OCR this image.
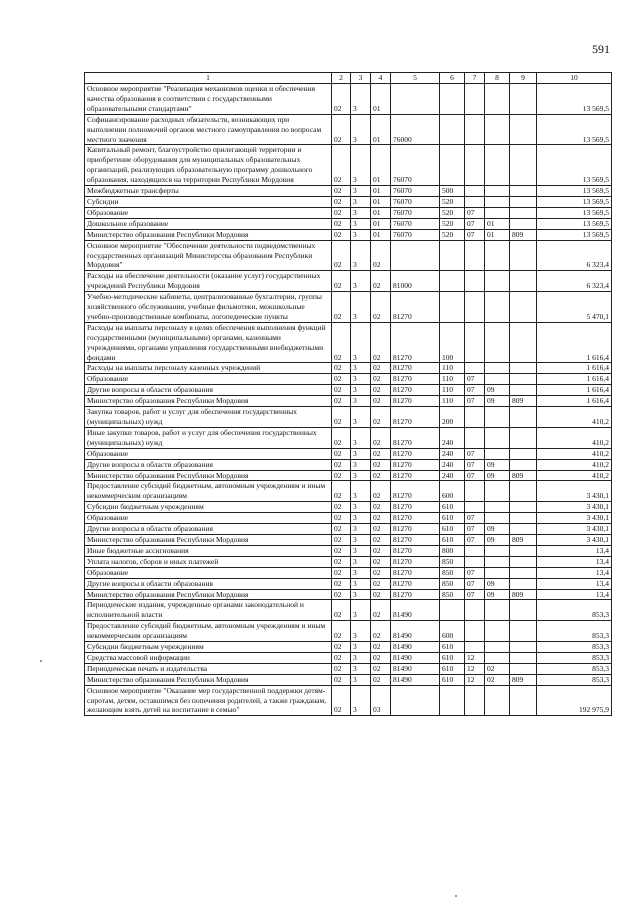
591
1	2	3	4	5	6	7	8	9	10
Основное мероприятие "Реализация механизмов оценки и обеспечения качества образования в соответствии с государственными образовательными стандартами"	02	3	01						13 569,5
Софинансирование расходных обязательств, возникающих при выполнении полномочий органов местного самоуправления по вопросам местного значения	02	3	01	76000					13 569,5
Капитальный ремонт, благоустройство прилегающей территории и приобретение оборудования для муниципальных образовательных организаций, реализующих образовательную программу дошкольного образования, находящихся на территории Республики Мордовия	02	3	01	76070					13 569,5
Межбюджетные трансферты	02	3	01	76070	500				13 569,5
Субсидии	02	3	01	76070	520				13 569,5
Образование	02	3	01	76070	520	07			13 569,5
Дошкольное образование	02	3	01	76070	520	07	01		13 569,5
Министерство образования Республики Мордовия	02	3	01	76070	520	07	01	809	13 569,5
Основное мероприятие "Обеспечение деятельности подведомственных государственных организаций Министерства образования Республики Мордовия"	02	3	02						6 323,4
Расходы на обеспечение деятельности (оказание услуг) государственных учреждений Республики Мордовия	02	3	02	81000					6 323,4
Учебно-методические кабинеты, централизованные бухгалтерии, группы хозяйственного обслуживания, учебные фильмотеки, межшкольные учебно-производственные комбинаты, логопедические пункты	02	3	02	81270					5 470,1
Расходы на выплаты персоналу в целях обеспечения выполнения функций государственными (муниципальными) органами, казенными учреждениями, органами управления государственными внебюджетными фондами	02	3	02	81270	100				1 616,4
Расходы на выплаты персоналу казенных учреждений	02	3	02	81270	110				1 616,4
Образование	02	3	02	81270	110	07			1 616,4
Другие вопросы в области образования	02	3	02	81270	110	07	09		1 616,4
Министерство образования Республики Мордовия	02	3	02	81270	110	07	09	809	1 616,4
Закупка товаров, работ и услуг для обеспечения государственных (муниципальных) нужд	02	3	02	81270	200				410,2
Иные закупки товаров, работ и услуг для обеспечения государственных (муниципальных) нужд	02	3	02	81270	240				410,2
Образование	02	3	02	81270	240	07			410,2
Другие вопросы в области образования	02	3	02	81270	240	07	09		410,2
Министерство образования Республики Мордовия	02	3	02	81270	240	07	09	809	410,2
Предоставление субсидий бюджетным, автономным учреждениям и иным некоммерческим организациям	02	3	02	81270	600				3 430,1
Субсидии бюджетным учреждениям	02	3	02	81270	610				3 430,1
Образование	02	3	02	81270	610	07			3 430,1
Другие вопросы в области образования	02	3	02	81270	610	07	09		3 430,1
Министерство образования Республики Мордовия	02	3	02	81270	610	07	09	809	3 430,1
Иные бюджетные ассигнования	02	3	02	81270	800				13,4
Уплата налогов, сборов и иных платежей	02	3	02	81270	850				13,4
Образование	02	3	02	81270	850	07			13,4
Другие вопросы в области образования	02	3	02	81270	850	07	09		13,4
Министерство образования Республики Мордовия	02	3	02	81270	850	07	09	809	13,4
Периодические издания, учрежденные органами законодательной и исполнительной власти	02	3	02	81490					853,3
Предоставление субсидий бюджетным, автономным учреждениям и иным некоммерческим организациям	02	3	02	81490	600				853,3
Субсидии бюджетным учреждениям	02	3	02	81490	610				853,3
Средства массовой информации	02	3	02	81490	610	12			853,3
Периодическая печать и издательства	02	3	02	81490	610	12	02		853,3
Министерство образования Республики Мордовия	02	3	02	81490	610	12	02	809	853,3
Основное мероприятие "Оказание мер государственной поддержки детям-сиротам, детям, оставшимся без попечения родителей, а также гражданам, желающим взять детей на воспитание в семью"	02	3	03						192 975,9
